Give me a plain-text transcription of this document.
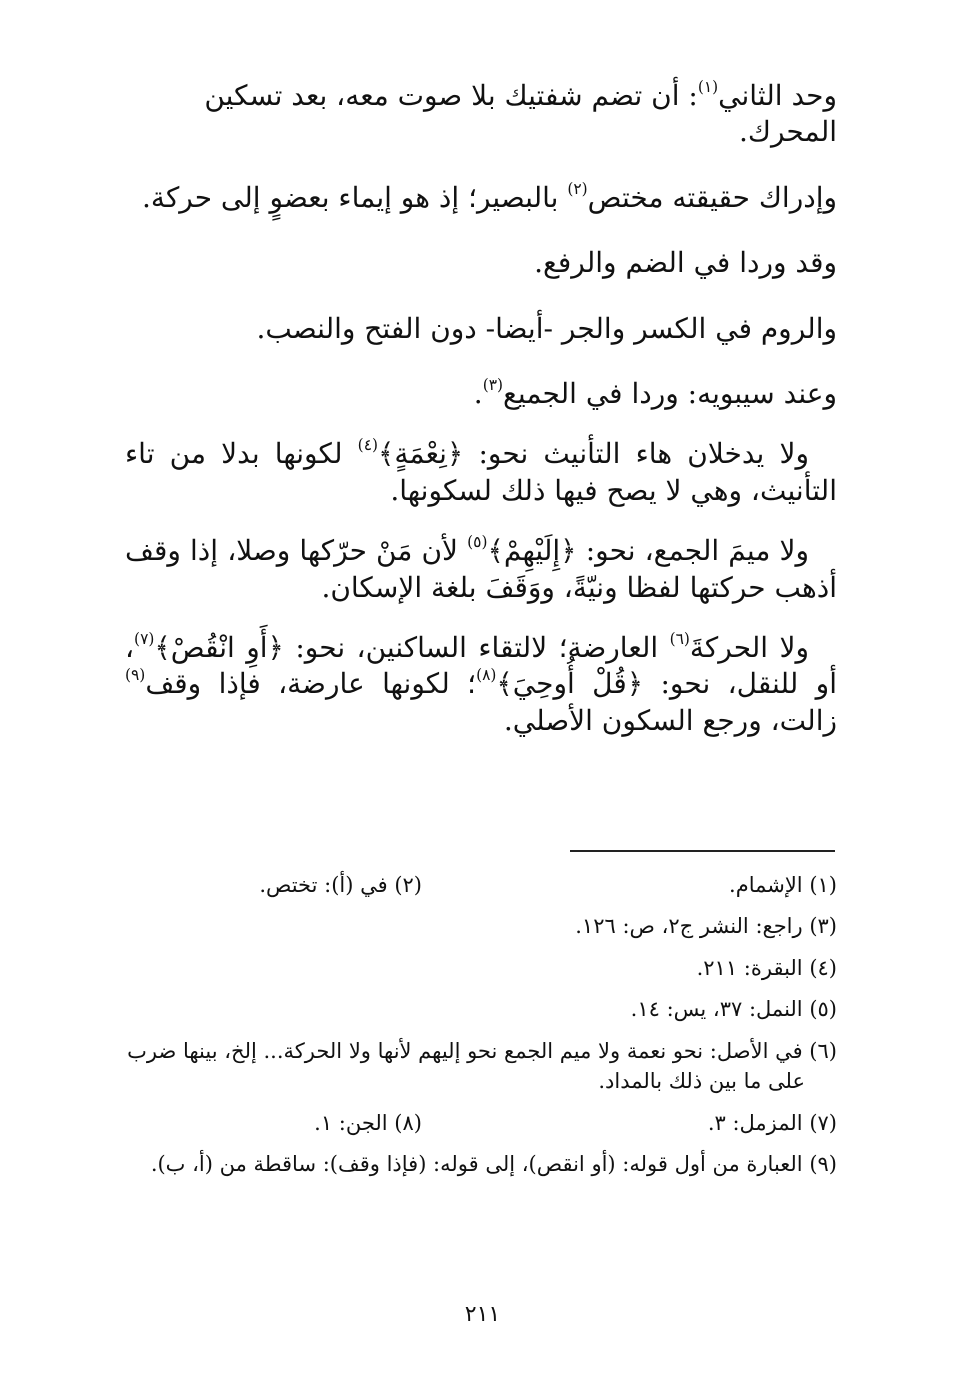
وحد الثاني$^{(١)}$: أن تضم شفتيك بلا صوت معه، بعد تسكين المحرك.

وإدراك حقيقته مختص$^{(٢)}$ بالبصير؛ إذ هو إيماء بعضوٍ إلى حركة.

وقد وردا في الضم والرفع.

والروم في الكسر والجر -أيضا- دون الفتح والنصب.

وعند سيبويه: وردا في الجميع$^{(٣)}$.

ولا يدخلان هاء التأنيث نحو: ﴿نِعْمَةٍ﴾$^{(٤)}$ لكونها بدلا من تاء التأنيث، وهي لا يصح فيها ذلك لسكونها.

ولا ميمَ الجمع، نحو: ﴿إِلَيْهِمْ﴾$^{(٥)}$ لأن مَنْ حرّكها وصلا، إذا وقف أذهب حركتها لفظا ونيّةً، ووَقَفَ بلغة الإسكان.

ولا الحركةَ$^{(٦)}$ العارضة؛ لالتقاء الساكنين، نحو: ﴿أَوِ انْقُصْ﴾$^{(٧)}$، أو للنقل، نحو: ﴿قُلْ أُوحِيَ﴾$^{(٨)}$؛ لكونها عارضة، فإذا وقف$^{(٩)}$ زالت، ورجع السكون الأصلي.

(١) الإشمام.
(٢) في (أ): تختص.

(٣) راجع: النشر ج٢، ص: ١٢٦.

(٤) البقرة: ٢١١.

(٥) النمل: ٣٧، يس: ١٤.

(٦) في الأصل: نحو نعمة ولا ميم الجمع نحو إليهم لأنها ولا الحركة... إلخ، بينها ضرب على ما بين ذلك بالمداد.

(٧) المزمل: ٣.
(٨) الجن: ١.

(٩) العبارة من أول قوله: (أو انقص)، إلى قوله: (فإذا وقف): ساقطة من (أ، ب).

٢١١
